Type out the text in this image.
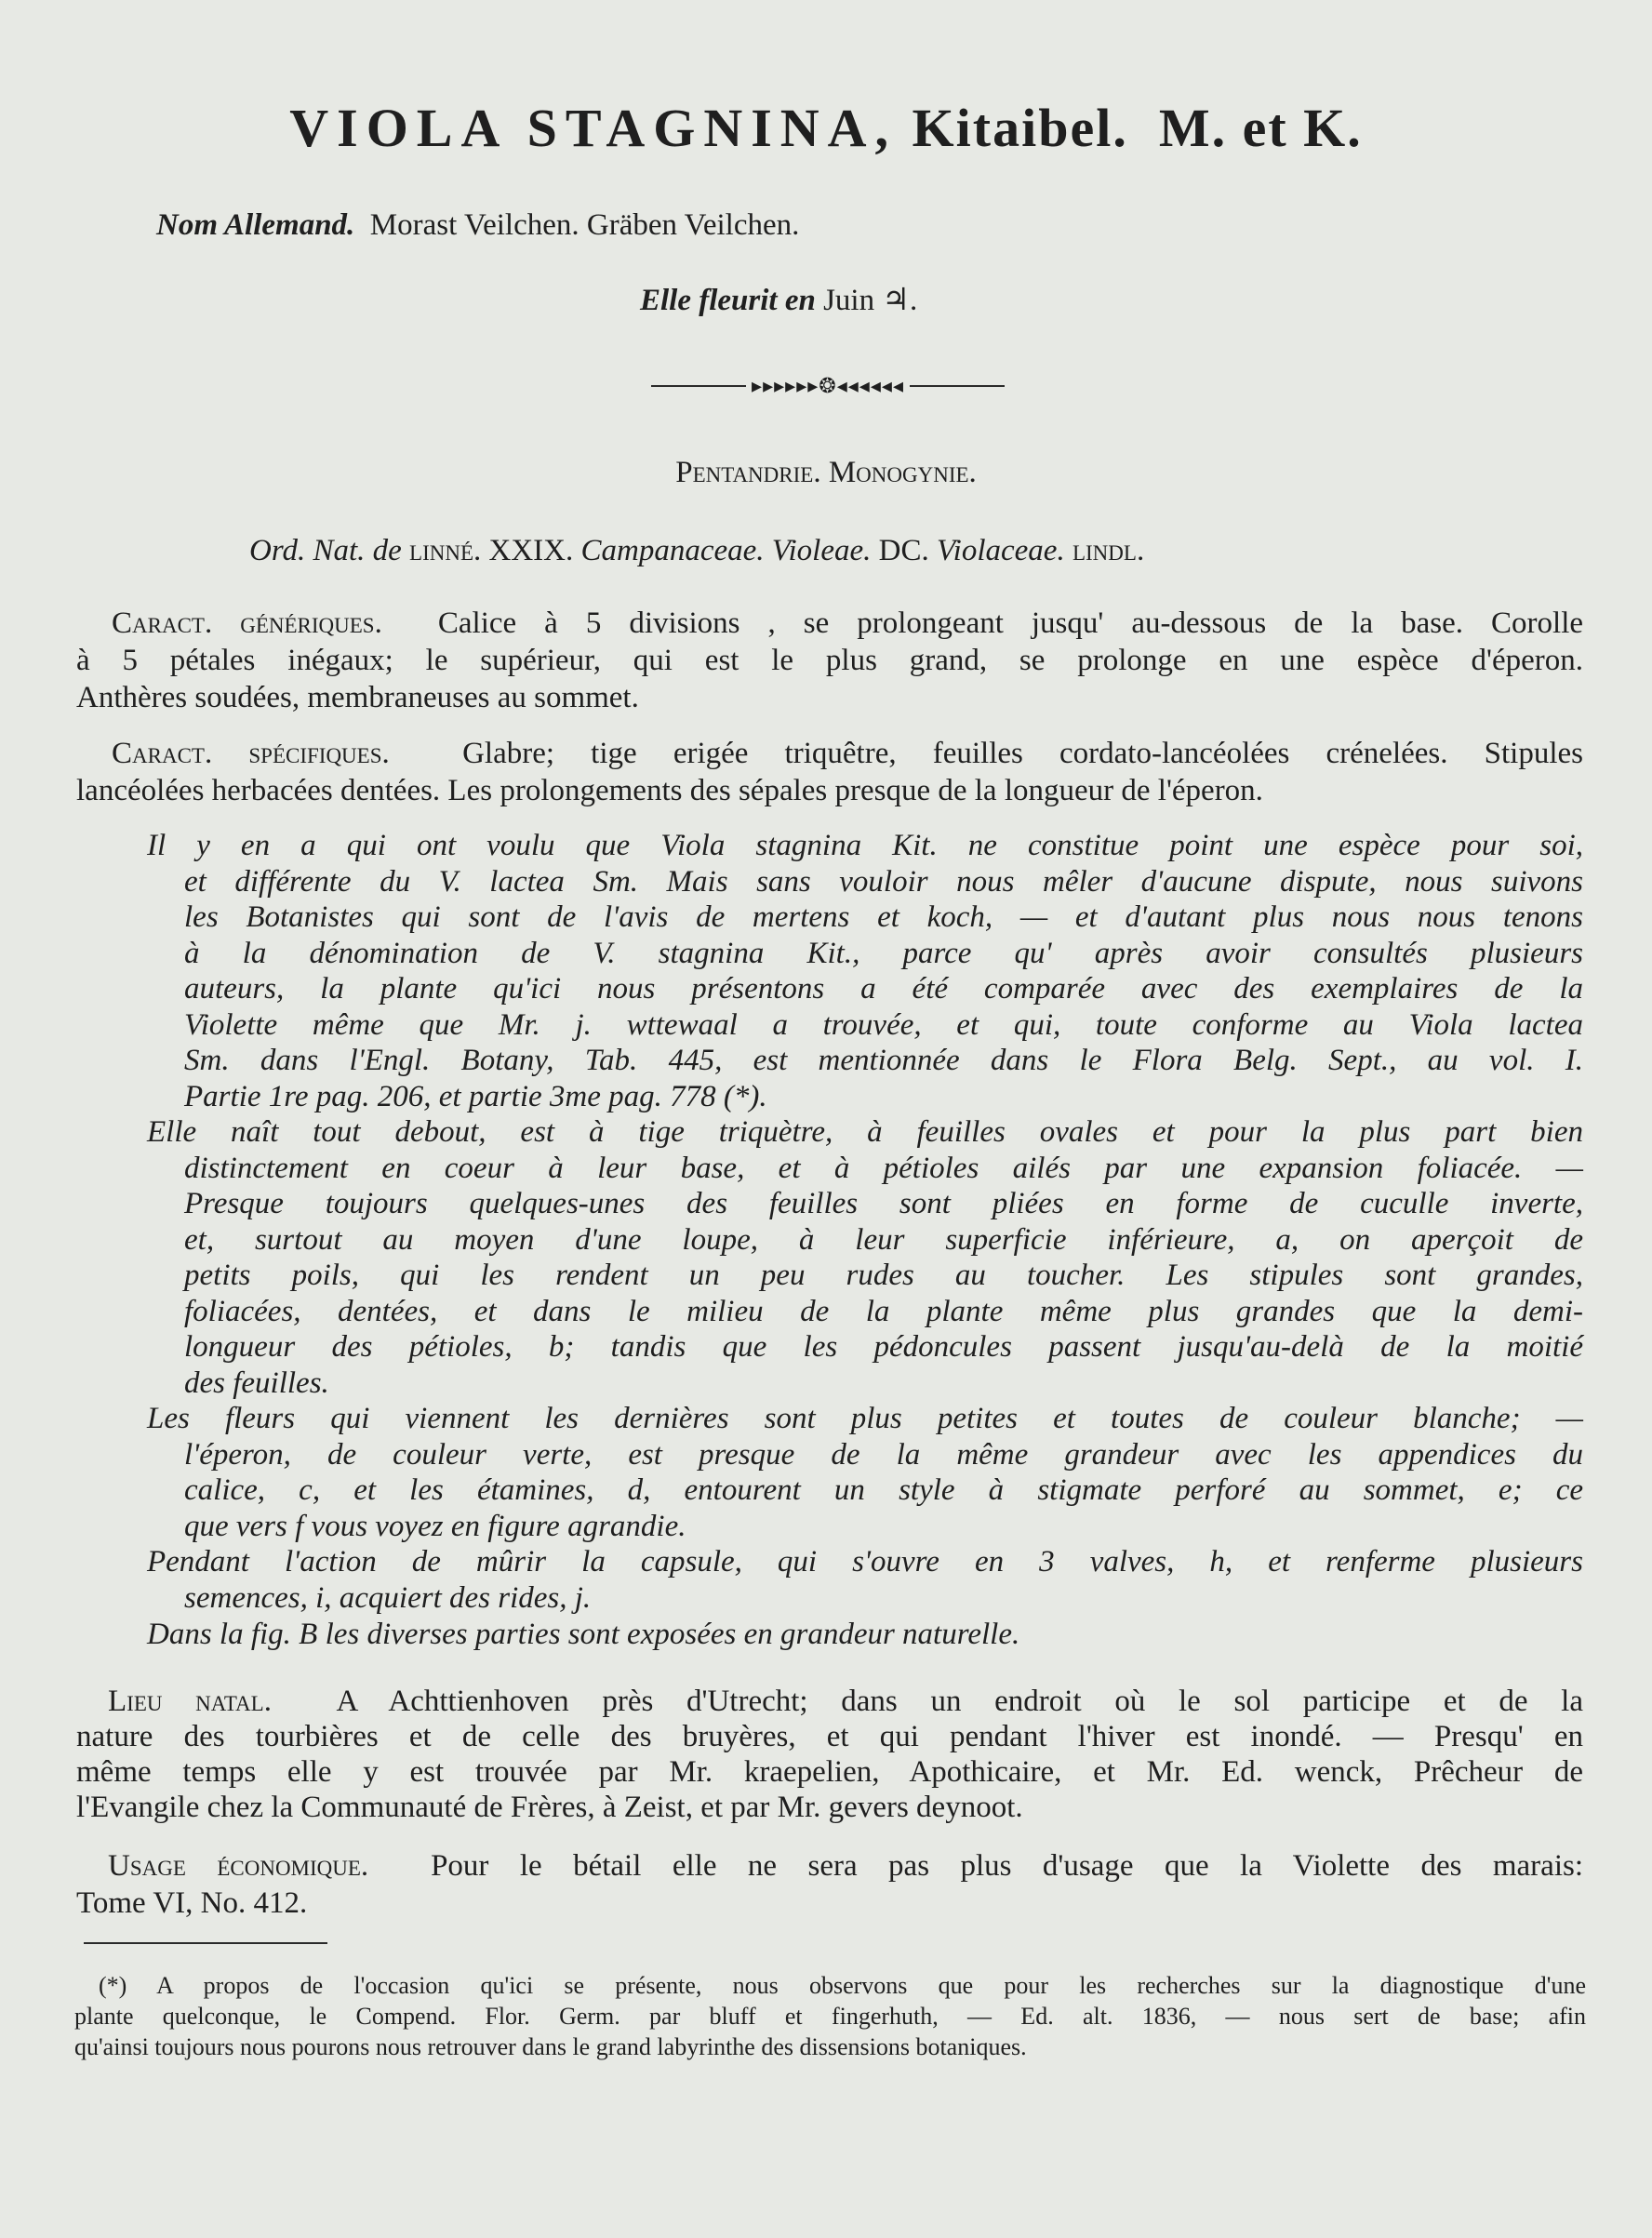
VIOLA STAGNINA, Kitaibel. M. et K.
Nom Allemand. Morast Veilchen. Gräben Veilchen.
Elle fleurit en Juin ♃.
▸▸▸▸▸▸❂◂◂◂◂◂◂
Pentandrie. Monogynie.
Ord. Nat. de linné. XXIX. Campanaceae. Violeae. DC. Violaceae. lindl.
Caract. génériques. Calice à 5 divisions , se prolongeant jusqu' au-dessous de la base. Corolle
à 5 pétales inégaux; le supérieur, qui est le plus grand, se prolonge en une espèce d'éperon.
Anthères soudées, membraneuses au sommet.
Caract. spécifiques. Glabre; tige erigée triquêtre, feuilles cordato-lancéolées crénelées. Stipules
lancéolées herbacées dentées. Les prolongements des sépales presque de la longueur de l'éperon.
Il y en a qui ont voulu que Viola stagnina Kit. ne constitue point une espèce pour soi,
et différente du V. lactea Sm. Mais sans vouloir nous mêler d'aucune dispute, nous suivons
les Botanistes qui sont de l'avis de mertens et koch, — et d'autant plus nous nous tenons
à la dénomination de V. stagnina Kit., parce qu' après avoir consultés plusieurs
auteurs, la plante qu'ici nous présentons a été comparée avec des exemplaires de la
Violette même que Mr. j. wttewaal a trouvée, et qui, toute conforme au Viola lactea
Sm. dans l'Engl. Botany, Tab. 445, est mentionnée dans le Flora Belg. Sept., au vol. I.
Partie 1re pag. 206, et partie 3me pag. 778 (*).
Elle naît tout debout, est à tige triquètre, à feuilles ovales et pour la plus part bien
distinctement en coeur à leur base, et à pétioles ailés par une expansion foliacée. —
Presque toujours quelques-unes des feuilles sont pliées en forme de cuculle inverte,
et, surtout au moyen d'une loupe, à leur superficie inférieure, a, on aperçoit de
petits poils, qui les rendent un peu rudes au toucher. Les stipules sont grandes,
foliacées, dentées, et dans le milieu de la plante même plus grandes que la demi-
longueur des pétioles, b; tandis que les pédoncules passent jusqu'au-delà de la moitié
des feuilles.
Les fleurs qui viennent les dernières sont plus petites et toutes de couleur blanche; —
l'éperon, de couleur verte, est presque de la même grandeur avec les appendices du
calice, c, et les étamines, d, entourent un style à stigmate perforé au sommet, e; ce
que vers f vous voyez en figure agrandie.
Pendant l'action de mûrir la capsule, qui s'ouvre en 3 valves, h, et renferme plusieurs
semences, i, acquiert des rides, j.
Dans la fig. B les diverses parties sont exposées en grandeur naturelle.
Lieu natal. A Achttienhoven près d'Utrecht; dans un endroit où le sol participe et de la
nature des tourbières et de celle des bruyères, et qui pendant l'hiver est inondé. — Presqu' en
même temps elle y est trouvée par Mr. kraepelien, Apothicaire, et Mr. Ed. wenck, Prêcheur de
l'Evangile chez la Communauté de Frères, à Zeist, et par Mr. gevers deynoot.
Usage économique. Pour le bétail elle ne sera pas plus d'usage que la Violette des marais:
Tome VI, No. 412.
(*) A propos de l'occasion qu'ici se présente, nous observons que pour les recherches sur la diagnostique d'une
plante quelconque, le Compend. Flor. Germ. par bluff et fingerhuth, — Ed. alt. 1836, — nous sert de base; afin
qu'ainsi toujours nous pourons nous retrouver dans le grand labyrinthe des dissensions botaniques.
